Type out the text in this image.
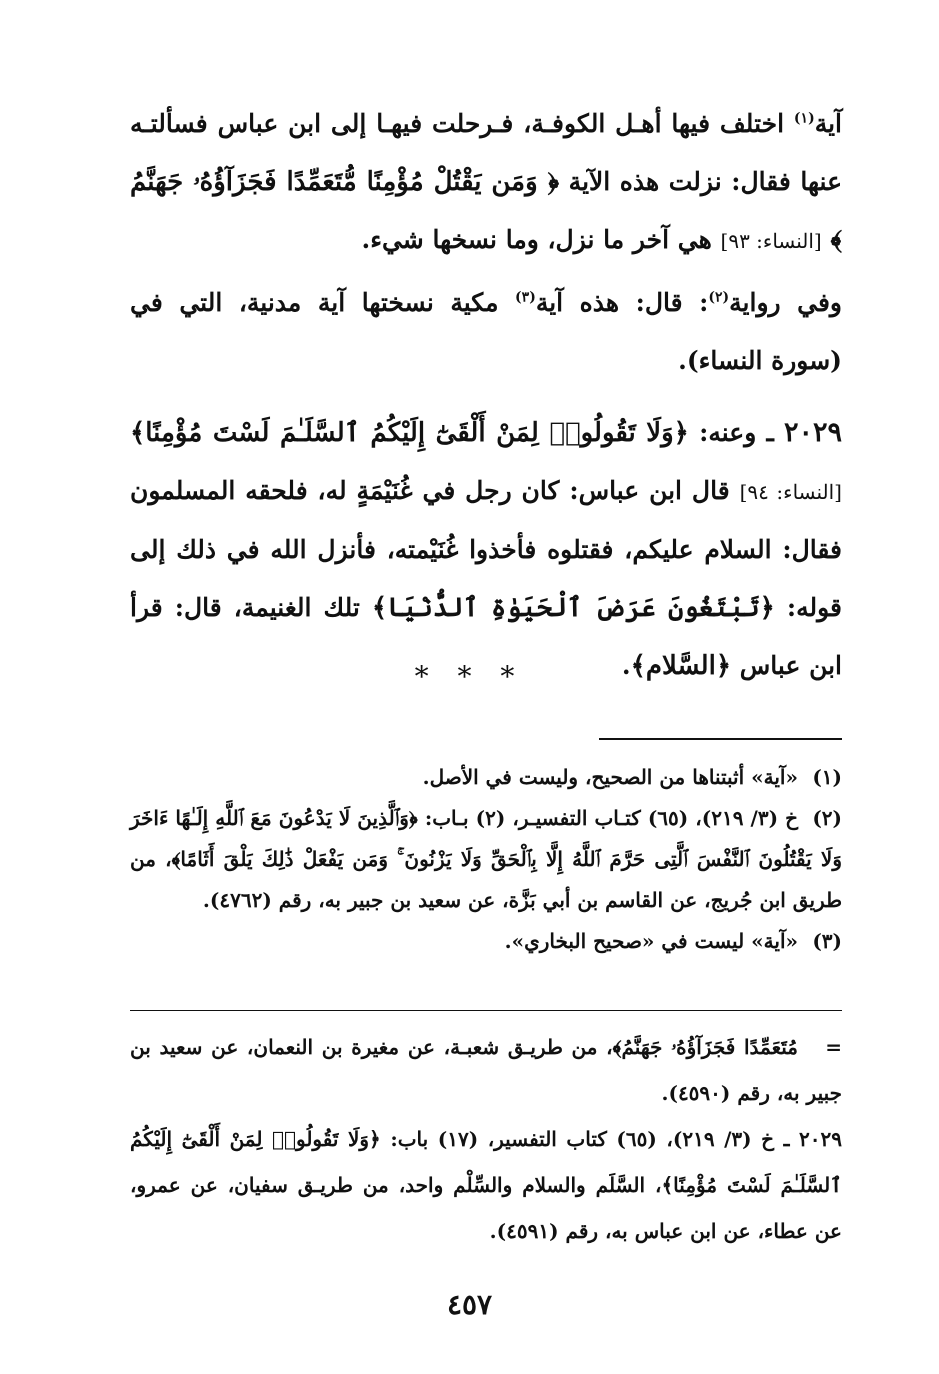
آية$^{(١)}$ اختلف فيها أهـل الكوفـة، فـرحلت فيهـا إلى ابن عباس فسألتـه عنها فقال: نزلت هذه الآية ﴿ وَمَن يَقْتُلْ مُؤْمِنًا مُّتَعَمِّدًا فَجَزَآؤُهُۥ جَهَنَّمُ ﴾ [النساء: ٩٣] هي آخر ما نزل، وما نسخها شيء.

وفي رواية$^{(٢)}$: قال: هذه آية$^{(٣)}$ مكية نسختها آية مدنية، التي في (سورة النساء).

٢٠٢٩ ـ وعنه: ﴿وَلَا تَقُولُوا۟ لِمَنْ أَلْقَىٰٓ إِلَيْكُمُ ٱلسَّلَـٰمَ لَسْتَ مُؤْمِنًا﴾ [النساء: ٩٤] قال ابن عباس: كان رجل في غُنَيْمَةٍ له، فلحقه المسلمون فقال: السلام عليكم، فقتلوه فأخذوا غُنَيْمته، فأنزل الله في ذلك إلى قوله: ﴿تَبْتَغُونَ عَرَضَ ٱلْحَيَوٰةِ ٱلدُّنْيَا﴾ تلك الغنيمة، قال: قرأ ابن عباس ﴿السَّلام﴾.

* * *

(١)«آية» أثبتناها من الصحيح، وليست في الأصل.

(٢)خ (٣/ ٢١٩)، (٦٥) كتـاب التفسيـر، (٢) بـاب: ﴿وَٱلَّذِينَ لَا يَدْعُونَ مَعَ ٱللَّهِ إِلَـٰهًا ءَاخَرَ وَلَا يَقْتُلُونَ ٱلنَّفْسَ ٱلَّتِى حَرَّمَ ٱللَّهُ إِلَّا بِٱلْحَقِّ وَلَا يَزْنُونَ ۚ وَمَن يَفْعَلْ ذَٰلِكَ يَلْقَ أَثَامًا﴾، من طريق ابن جُريج، عن القاسم بن أبي بَزَّة، عن سعيد بن جبير به، رقم (٤٧٦٢).

(٣)«آية» ليست في «صحيح البخاري».

=مُتَعَمِّدًا فَجَزَآؤُهُۥ جَهَنَّمُ﴾، من طريـق شعبـة، عن مغيرة بن النعمان، عن سعيد بن جبير به، رقم (٤٥٩٠).

٢٠٢٩ ـ خ (٣/ ٢١٩)، (٦٥) كتاب التفسير، (١٧) باب: ﴿وَلَا تَقُولُوا۟ لِمَنْ أَلْقَىٰٓ إِلَيْكُمُ ٱلسَّلَـٰمَ لَسْتَ مُؤْمِنًا﴾، السَّلَم والسلام والسِّلْم واحد، من طريـق سفيان، عن عمرو، عن عطاء، عن ابن عباس به، رقم (٤٥٩١).

٤٥٧
